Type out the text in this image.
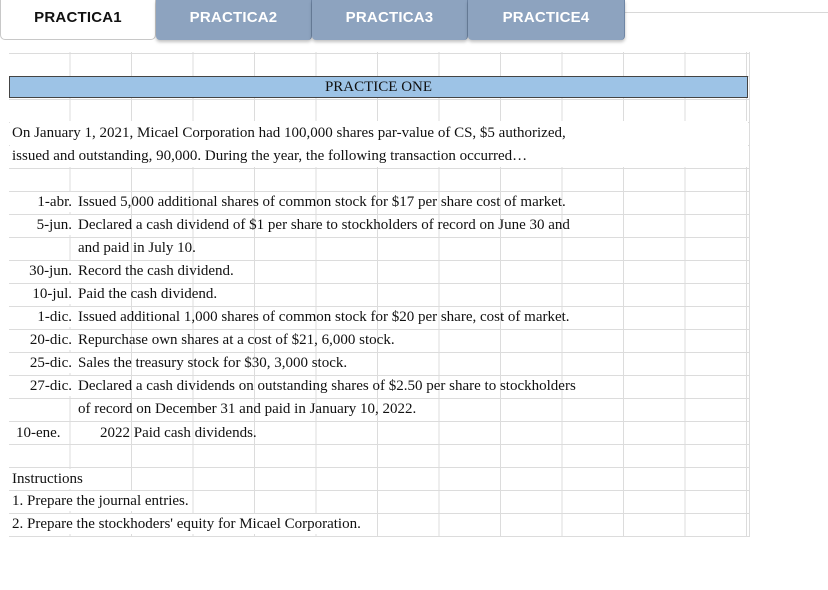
PRACTICA1	PRACTICA2	PRACTICA3	PRACTICE4
PRACTICE ONE
On January 1, 2021, Micael Corporation had 100,000 shares par-value of CS, $5 authorized,
issued and outstanding, 90,000. During the year, the following transaction occurred…
1-abr. Issued 5,000 additional shares of common stock for $17 per share cost of market.
5-jun. Declared a cash dividend of $1 per share to stockholders of record on June 30 and
and paid in July 10.
30-jun. Record the cash dividend.
10-jul. Paid the cash dividend.
1-dic. Issued additional 1,000 shares of common stock for $20 per share, cost of market.
20-dic. Repurchase own shares at a cost of $21, 6,000 stock.
25-dic. Sales the treasury stock for $30, 3,000 stock.
27-dic. Declared a cash dividends on outstanding shares of $2.50 per share to stockholders
of record on December 31 and paid in January 10, 2022.
10-ene.	2022 Paid cash dividends.
Instructions
1. Prepare the journal entries.
2. Prepare the stockhoders' equity for Micael Corporation.
